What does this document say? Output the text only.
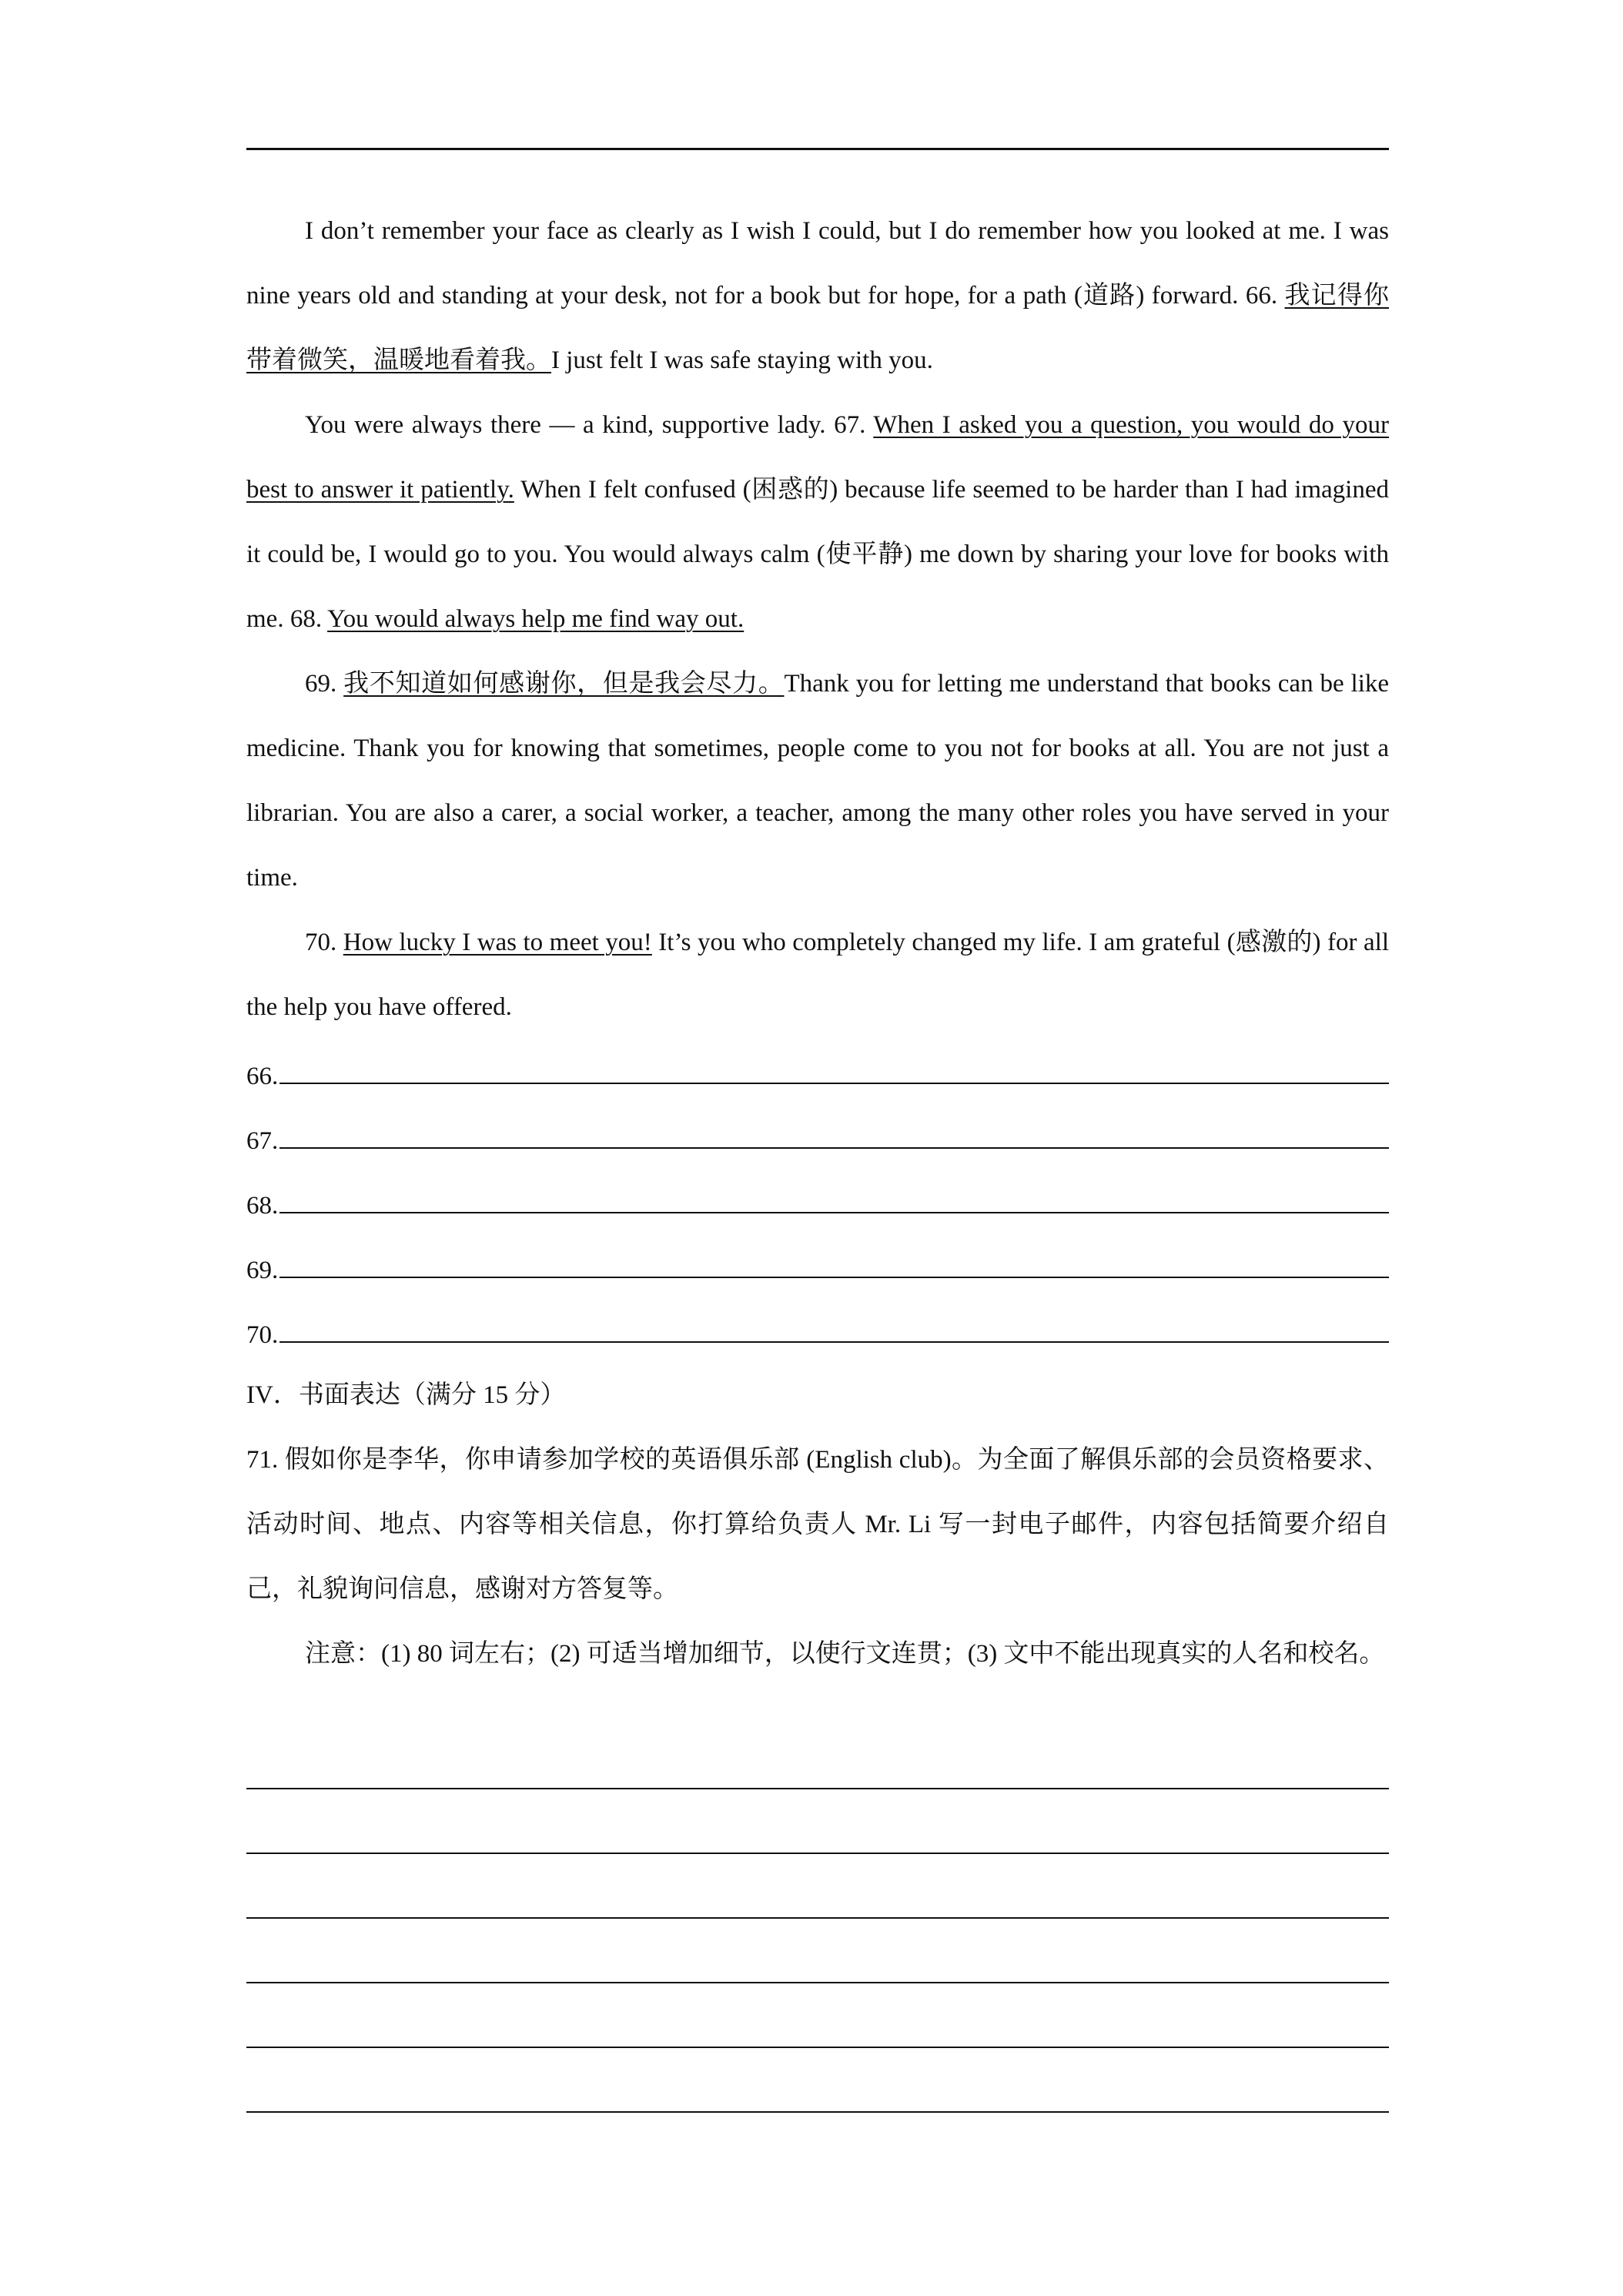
I don’t remember your face as clearly as I wish I could, but I do remember how you looked at me. I was nine years old and standing at your desk, not for a book but for hope, for a path (道路) forward. 66. 我记得你带着微笑，温暖地看着我。I just felt I was safe staying with you.

You were always there — a kind, supportive lady. 67. When I asked you a question, you would do your best to answer it patiently. When I felt confused (困惑的) because life seemed to be harder than I had imagined it could be, I would go to you. You would always calm (使平静) me down by sharing your love for books with me. 68. You would always help me find way out.

69. 我不知道如何感谢你，但是我会尽力。Thank you for letting me understand that books can be like medicine. Thank you for knowing that sometimes, people come to you not for books at all. You are not just a librarian. You are also a carer, a social worker, a teacher, among the many other roles you have served in your time.

70. How lucky I was to meet you! It’s you who completely changed my life. I am grateful (感激的) for all the help you have offered.

66.
67.
68.
69.
70.

IV．书面表达（满分 15 分）

71. 假如你是李华，你申请参加学校的英语俱乐部 (English club)。为全面了解俱乐部的会员资格要求、活动时间、地点、内容等相关信息，你打算给负责人 Mr. Li 写一封电子邮件，内容包括简要介绍自己，礼貌询问信息，感谢对方答复等。

注意：(1) 80 词左右；(2) 可适当增加细节，以使行文连贯；(3) 文中不能出现真实的人名和校名。
